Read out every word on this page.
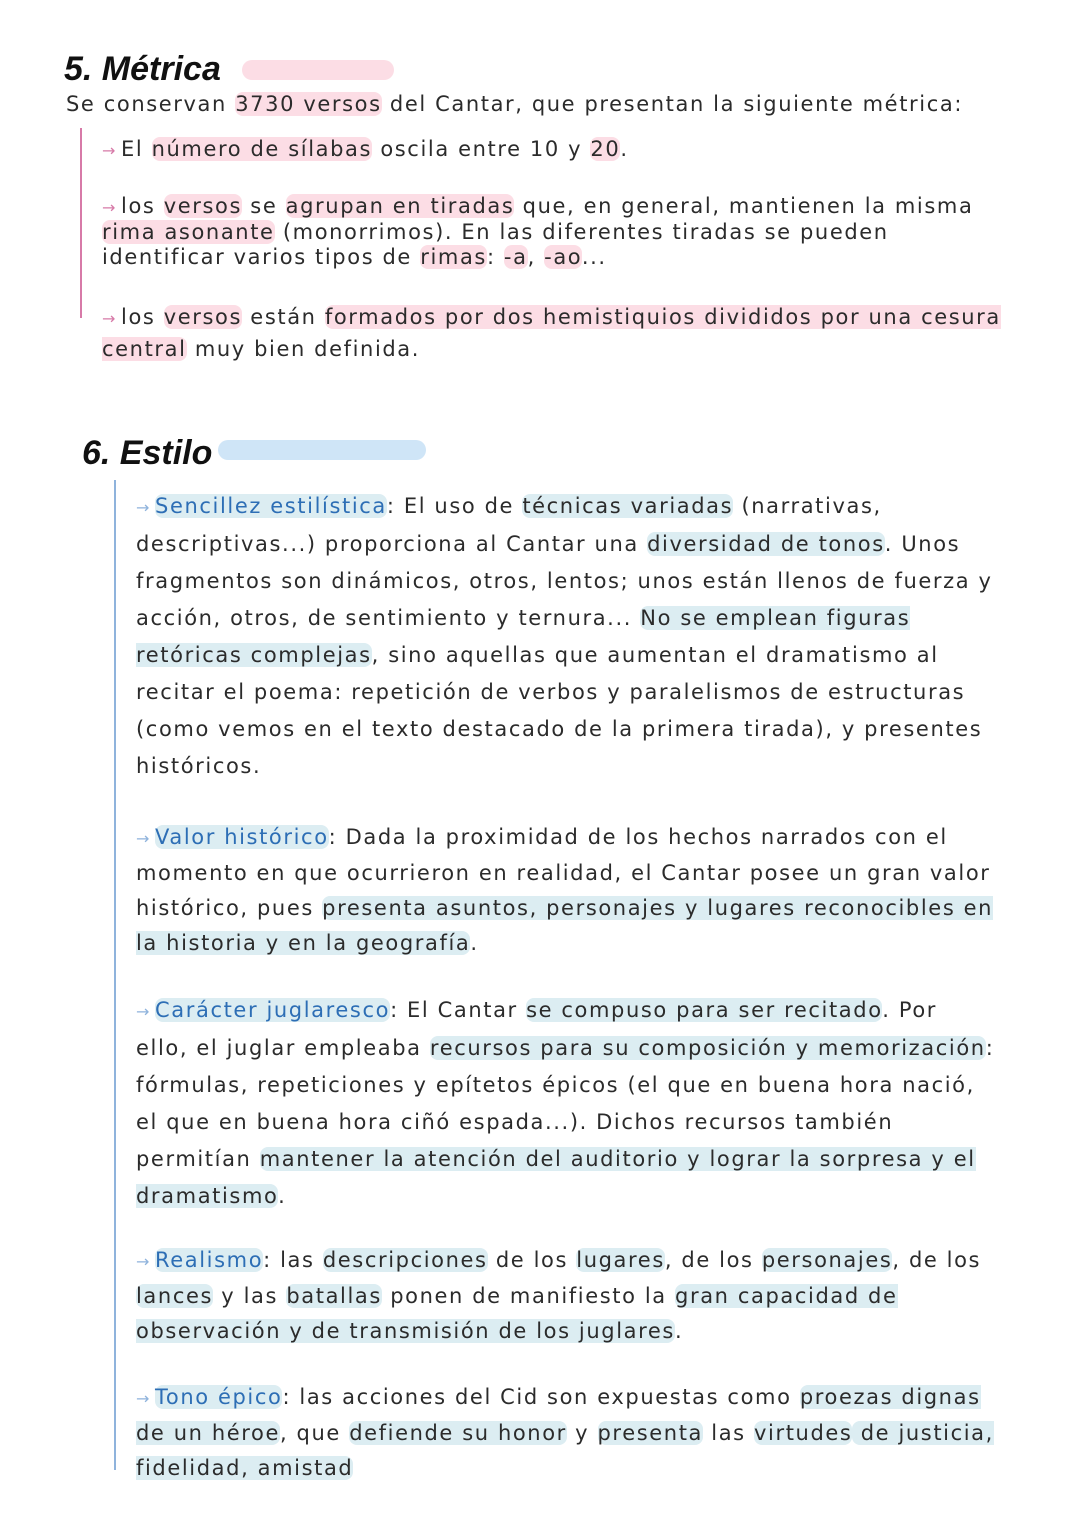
5. Métrica
Se conservan 3730 versos del Cantar, que presentan la siguiente métrica:
→ El número de sílabas oscila entre 10 y 20.
→ los versos se agrupan en tiradas que, en general, mantienen la misma rima asonante (monorrimos). En las diferentes tiradas se pueden identificar varios tipos de rimas: -a, -ao...
→ los versos están formados por dos hemistiquios divididos por una cesura central muy bien definida.
6. Estilo
→ Sencillez estilística: El uso de técnicas variadas (narrativas, descriptivas...) proporciona al Cantar una diversidad de tonos. Unos fragmentos son dinámicos, otros, lentos; unos están llenos de fuerza y acción, otros, de sentimiento y ternura... No se emplean figuras retóricas complejas, sino aquellas que aumentan el dramatismo al recitar el poema: repetición de verbos y paralelismos de estructuras (como vemos en el texto destacado de la primera tirada), y presentes históricos.
→ Valor histórico: Dada la proximidad de los hechos narrados con el momento en que ocurrieron en realidad, el Cantar posee un gran valor histórico, pues presenta asuntos, personajes y lugares reconocibles en la historia y en la geografía.
→ Carácter juglaresco: El Cantar se compuso para ser recitado. Por ello, el juglar empleaba recursos para su composición y memorización: fórmulas, repeticiones y epítetos épicos (el que en buena hora nació, el que en buena hora ciñó espada...). Dichos recursos también permitían mantener la atención del auditorio y lograr la sorpresa y el dramatismo.
→ Realismo: las descripciones de los lugares, de los personajes, de los lances y las batallas ponen de manifiesto la gran capacidad de observación y de transmisión de los juglares.
→ Tono épico: las acciones del Cid son expuestas como proezas dignas de un héroe, que defiende su honor y presenta las virtudes de justicia, fidelidad, amistad
